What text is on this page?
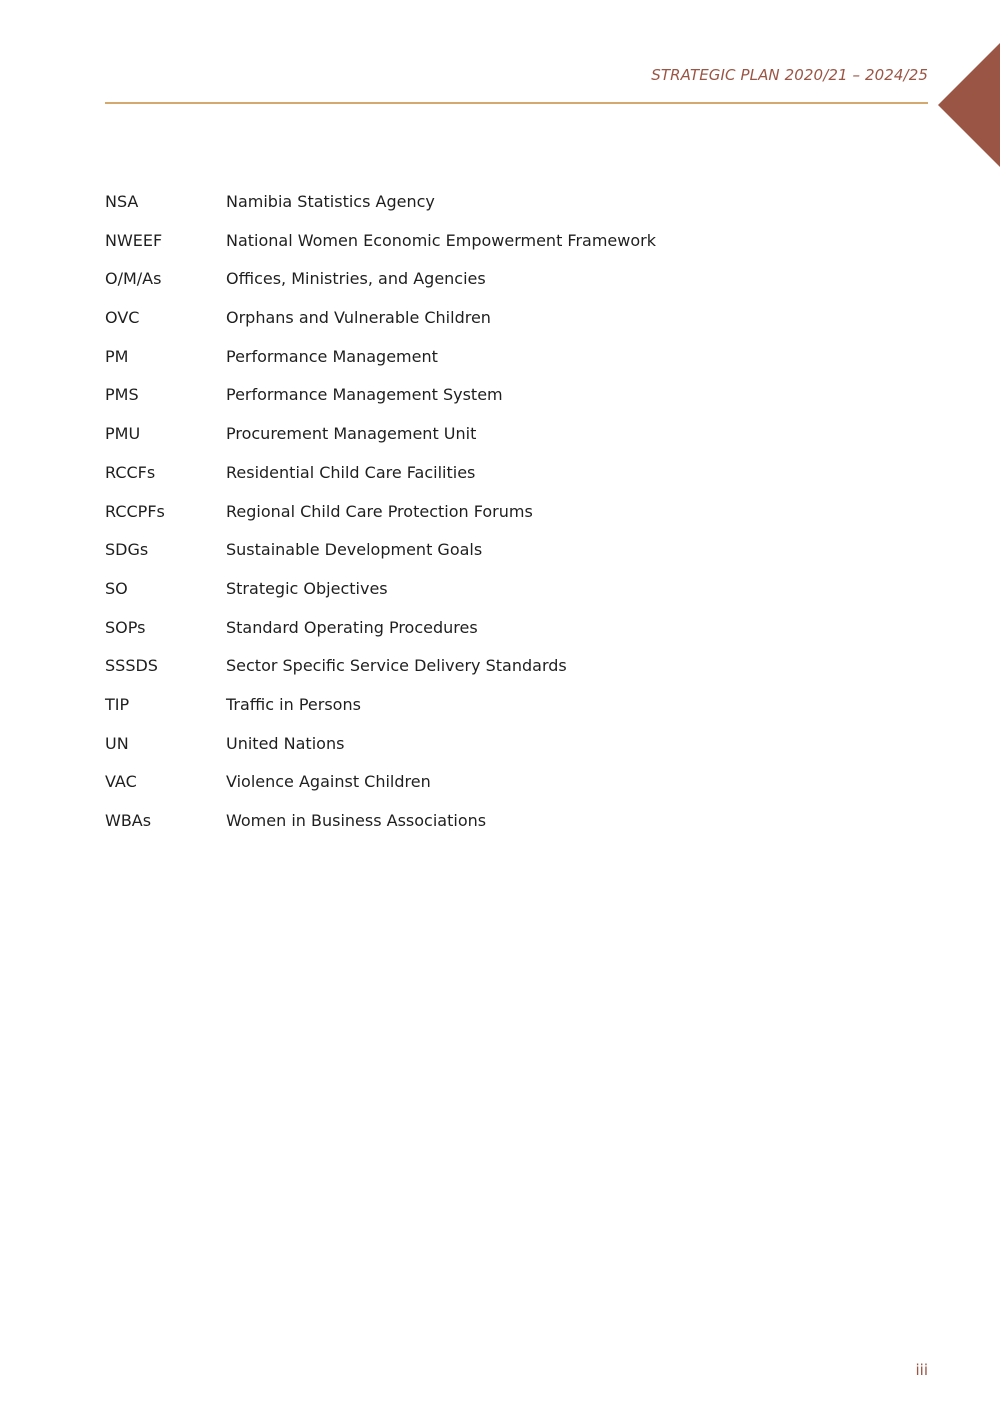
STRATEGIC PLAN 2020/21 – 2024/25
NSA	Namibia Statistics Agency
NWEEF	National Women Economic Empowerment Framework
O/M/As	Offices, Ministries, and Agencies
OVC	Orphans and Vulnerable Children
PM	Performance Management
PMS	Performance Management System
PMU	Procurement Management Unit
RCCFs	Residential Child Care Facilities
RCCPFs	Regional Child Care Protection Forums
SDGs	Sustainable Development Goals
SO	Strategic Objectives
SOPs	Standard Operating Procedures
SSSDS	Sector Specific Service Delivery Standards
TIP	Traffic in Persons
UN	United Nations
VAC	Violence Against Children
WBAs	Women in Business Associations
iii
